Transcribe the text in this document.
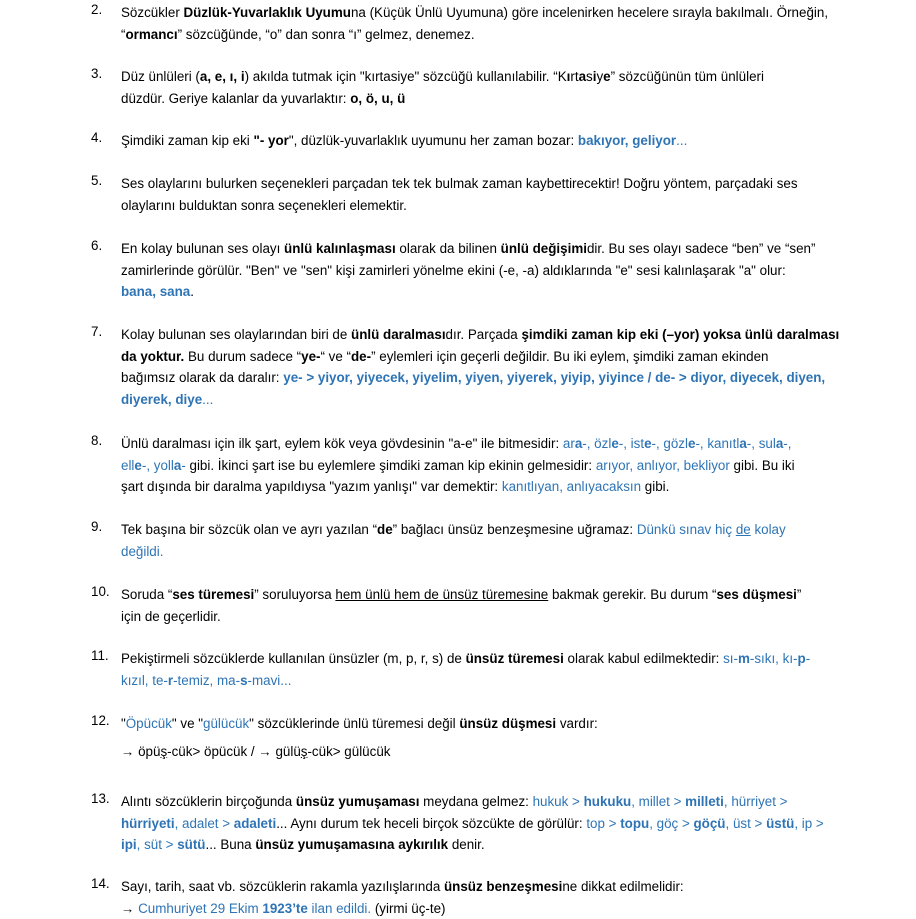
2.	Sözcükler Düzlük-Yuvarlaklık Uyumuna (Küçük Ünlü Uyumuna) göre incelenirken hecelere sırayla bakılmalı. Örneğin,
“ormancı” sözcüğünde, “o” dan sonra “ı” gelmez, denemez.
3.	Düz ünlüleri (a, e, ı, i) akılda tutmak için "kırtasiye" sözcüğü kullanılabilir. “Kırtasiye” sözcüğünün tüm ünlüleri
düzdür. Geriye kalanlar da yuvarlaktır: o, ö, u, ü
4.	Şimdiki zaman kip eki "- yor", düzlük-yuvarlaklık uyumunu her zaman bozar: bakıyor, geliyor...
5.	Ses olaylarını bulurken seçenekleri parçadan tek tek bulmak zaman kaybettirecektir! Doğru yöntem, parçadaki ses
olaylarını bulduktan sonra seçenekleri elemektir.
6.	En kolay bulunan ses olayı ünlü kalınlaşması olarak da bilinen ünlü değişimidir. Bu ses olayı sadece “ben” ve “sen”
zamirlerinde görülür. "Ben" ve "sen" kişi zamirleri yönelme ekini (-e, -a) aldıklarında "e" sesi kalınlaşarak "a" olur:
bana, sana.
7.	Kolay bulunan ses olaylarından biri de ünlü daralmasıdır. Parçada şimdiki zaman kip eki (–yor) yoksa ünlü daralması
da yoktur. Bu durum sadece “ye-“ ve “de-” eylemleri için geçerli değildir. Bu iki eylem, şimdiki zaman ekinden
bağımsız olarak da daralır: ye- > yiyor, yiyecek, yiyelim, yiyen, yiyerek, yiyip, yiyince / de- > diyor, diyecek, diyen,
diyerek, diye...
8.	Ünlü daralması için ilk şart, eylem kök veya gövdesinin "a-e" ile bitmesidir: ara-, özle-, iste-, gözle-, kanıtla-, sula-,
elle-, yolla- gibi. İkinci şart ise bu eylemlere şimdiki zaman kip ekinin gelmesidir: arıyor, anlıyor, bekliyor gibi. Bu iki
şart dışında bir daralma yapıldıysa "yazım yanlışı" var demektir: kanıtlıyan, anlıyacaksın gibi.
9.	Tek başına bir sözcük olan ve ayrı yazılan “de” bağlacı ünsüz benzeşmesine uğramaz: Dünkü sınav hiç de kolay
değildi.
10. Soruda “ses türemesi” soruluyorsa hem ünlü hem de ünsüz türemesine bakmak gerekir. Bu durum “ses düşmesi”
için de geçerlidir.
11. Pekiştirmeli sözcüklerde kullanılan ünsüzler (m, p, r, s) de ünsüz türemesi olarak kabul edilmektedir: sı-m-sıkı, kı-p-
kızıl, te-r-temiz, ma-s-mavi...
12. "Öpücük" ve "gülücük" sözcüklerinde ünlü türemesi değil ünsüz düşmesi vardır:
→ öpüş-cük> öpücük / → gülüş-cük> gülücük
13. Alıntı sözcüklerin birçoğunda ünsüz yumuşaması meydana gelmez: hukuk > hukuku, millet > milleti, hürriyet >
hürriyeti, adalet > adaleti... Aynı durum tek heceli birçok sözcükte de görülür: top > topu, göç > göçü, üst > üstü, ip >
ipi, süt > sütü... Buna ünsüz yumuşamasına aykırılık denir.
14. Sayı, tarih, saat vb. sözcüklerin rakamla yazılışlarında ünsüz benzeşmesine dikkat edilmelidir:
→ Cumhuriyet 29 Ekim 1923’te ilan edildi. (yirmi üç-te)
